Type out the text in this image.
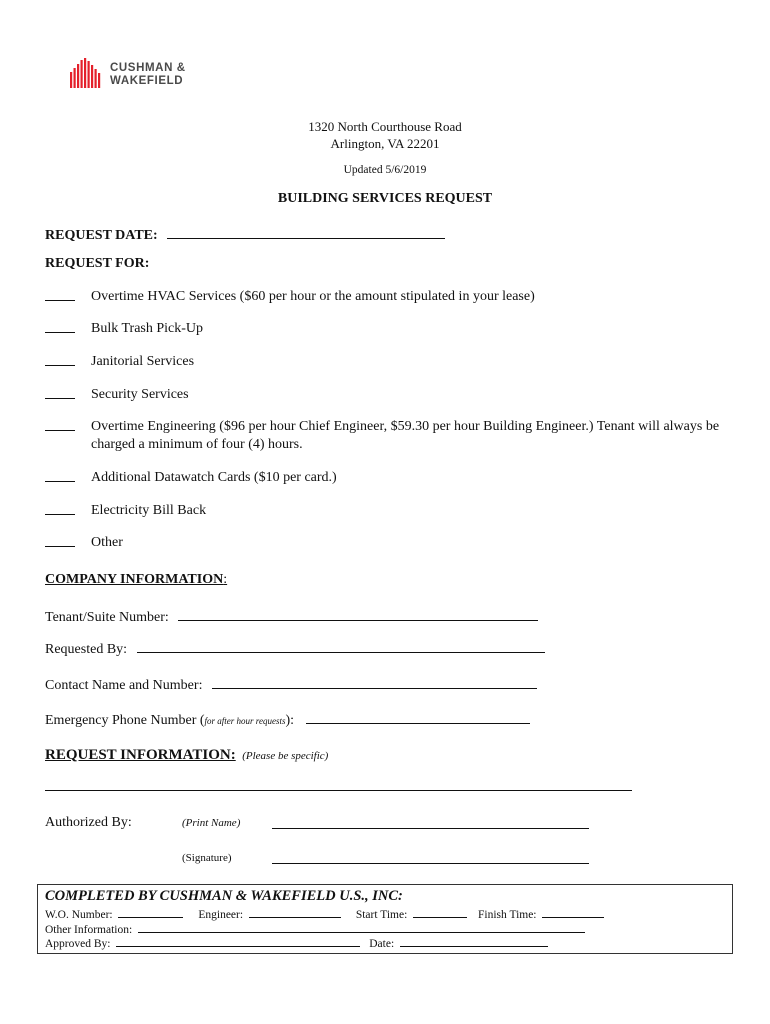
CUSHMAN &
WAKEFIELD
1320 North Courthouse Road
Arlington, VA 22201
Updated 5/6/2019
BUILDING SERVICES REQUEST
REQUEST DATE:
REQUEST FOR:
Overtime HVAC Services ($60 per hour or the amount stipulated in your lease)
Bulk Trash Pick-Up
Janitorial Services
Security Services
Overtime Engineering ($96 per hour Chief Engineer, $59.30 per hour Building Engineer.) Tenant will always be charged a minimum of four (4) hours.
Additional Datawatch Cards ($10 per card.)
Electricity Bill Back
Other
COMPANY INFORMATION:
Tenant/Suite Number:
Requested By:
Contact Name and Number:
Emergency Phone Number (for after hour requests):
REQUEST INFORMATION: (Please be specific)
Authorized By:	(Print Name)
(Signature)
COMPLETED BY CUSHMAN & WAKEFIELD U.S., INC:
W.O. Number:	Engineer:	Start Time:	Finish Time:
Other Information:
Approved By:	Date:
